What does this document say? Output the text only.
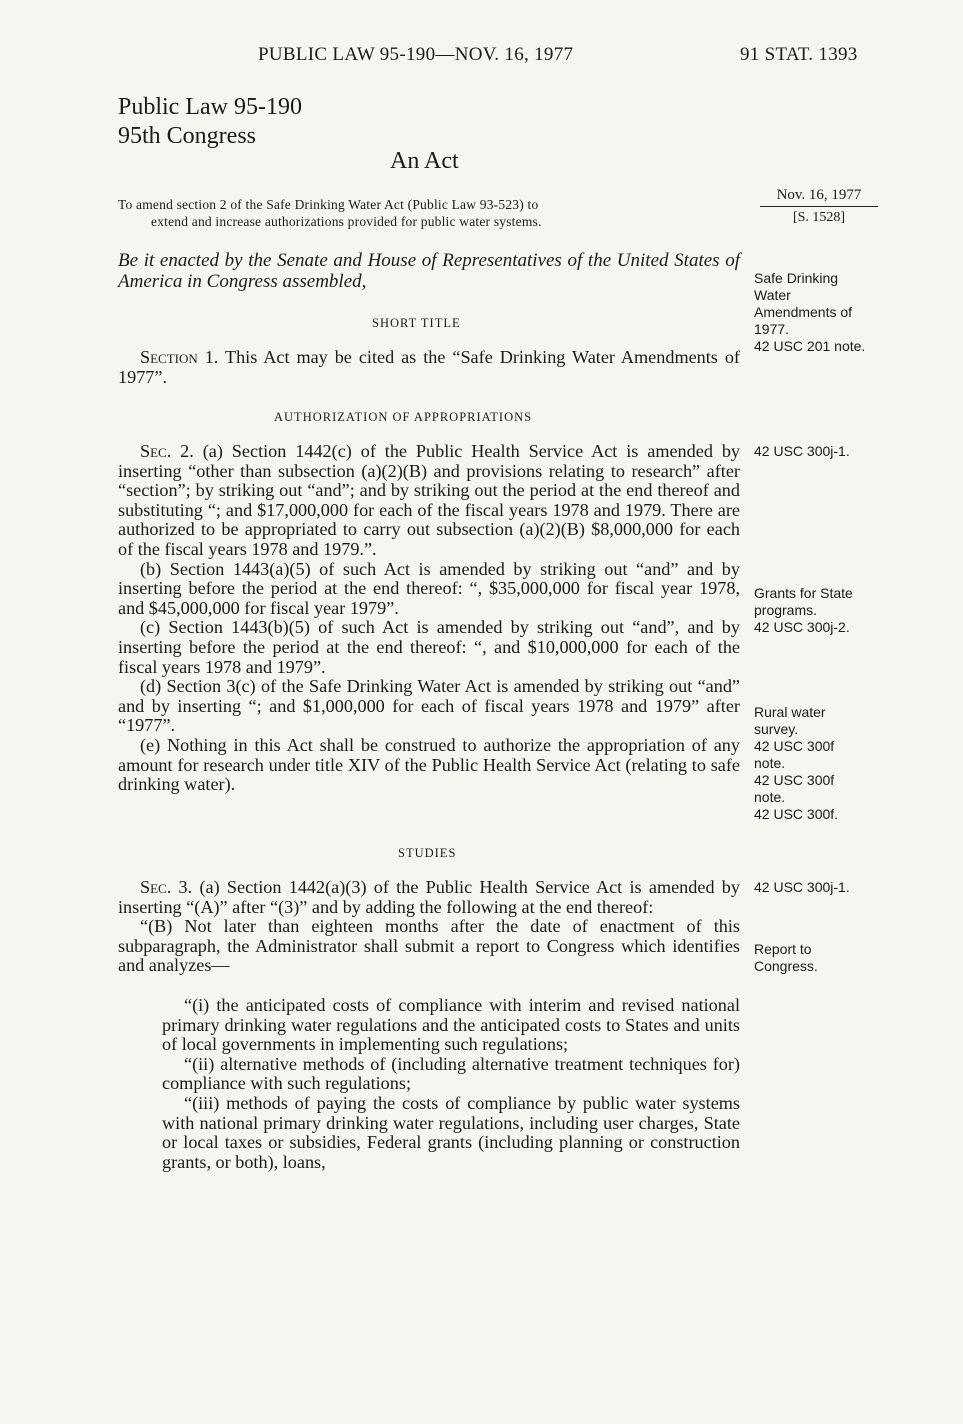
PUBLIC LAW 95-190—NOV. 16, 1977	91 STAT. 1393
Public Law 95-190
95th Congress
An Act
To amend section 2 of the Safe Drinking Water Act (Public Law 93-523) to
extend and increase authorizations provided for public water systems.
Nov. 16, 1977
[S. 1528]
Be it enacted by the Senate and House of Representatives of the United States of America in Congress assembled,
SHORT TITLE

Section 1. This Act may be cited as the “Safe Drinking Water Amendments of 1977”.

AUTHORIZATION OF APPROPRIATIONS

Sec. 2. (a) Section 1442(c) of the Public Health Service Act is amended by inserting “other than subsection (a)(2)(B) and provisions relating to research” after “section”; by striking out “and”; and by striking out the period at the end thereof and substituting “; and $17,000,000 for each of the fiscal years 1978 and 1979. There are authorized to be appropriated to carry out subsection (a)(2)(B) $8,000,000 for each of the fiscal years 1978 and 1979.”.

(b) Section 1443(a)(5) of such Act is amended by striking out “and” and by inserting before the period at the end thereof: “, $35,000,000 for fiscal year 1978, and $45,000,000 for fiscal year 1979”.

(c) Section 1443(b)(5) of such Act is amended by striking out “and”, and by inserting before the period at the end thereof: “, and $10,000,000 for each of the fiscal years 1978 and 1979”.

(d) Section 3(c) of the Safe Drinking Water Act is amended by striking out “and” and by inserting “; and $1,000,000 for each of fiscal years 1978 and 1979” after “1977”.

(e) Nothing in this Act shall be construed to authorize the appropriation of any amount for research under title XIV of the Public Health Service Act (relating to safe drinking water).

STUDIES

Sec. 3. (a) Section 1442(a)(3) of the Public Health Service Act is amended by inserting “(A)” after “(3)” and by adding the following at the end thereof:

“(B) Not later than eighteen months after the date of enactment of this subparagraph, the Administrator shall submit a report to Congress which identifies and analyzes—

“(i) the anticipated costs of compliance with interim and revised national primary drinking water regulations and the anticipated costs to States and units of local governments in implementing such regulations;

“(ii) alternative methods of (including alternative treatment techniques for) compliance with such regulations;

“(iii) methods of paying the costs of compliance by public water systems with national primary drinking water regulations, including user charges, State or local taxes or subsidies, Federal grants (including planning or construction grants, or both), loans,

Safe Drinking
Water
Amendments of
1977.
42 USC 201 note.
42 USC 300j-1.
Grants for State
programs.
42 USC 300j-2.
Rural water
survey.
42 USC 300f
note.
42 USC 300f
note.
42 USC 300f.
42 USC 300j-1.
Report to
Congress.
